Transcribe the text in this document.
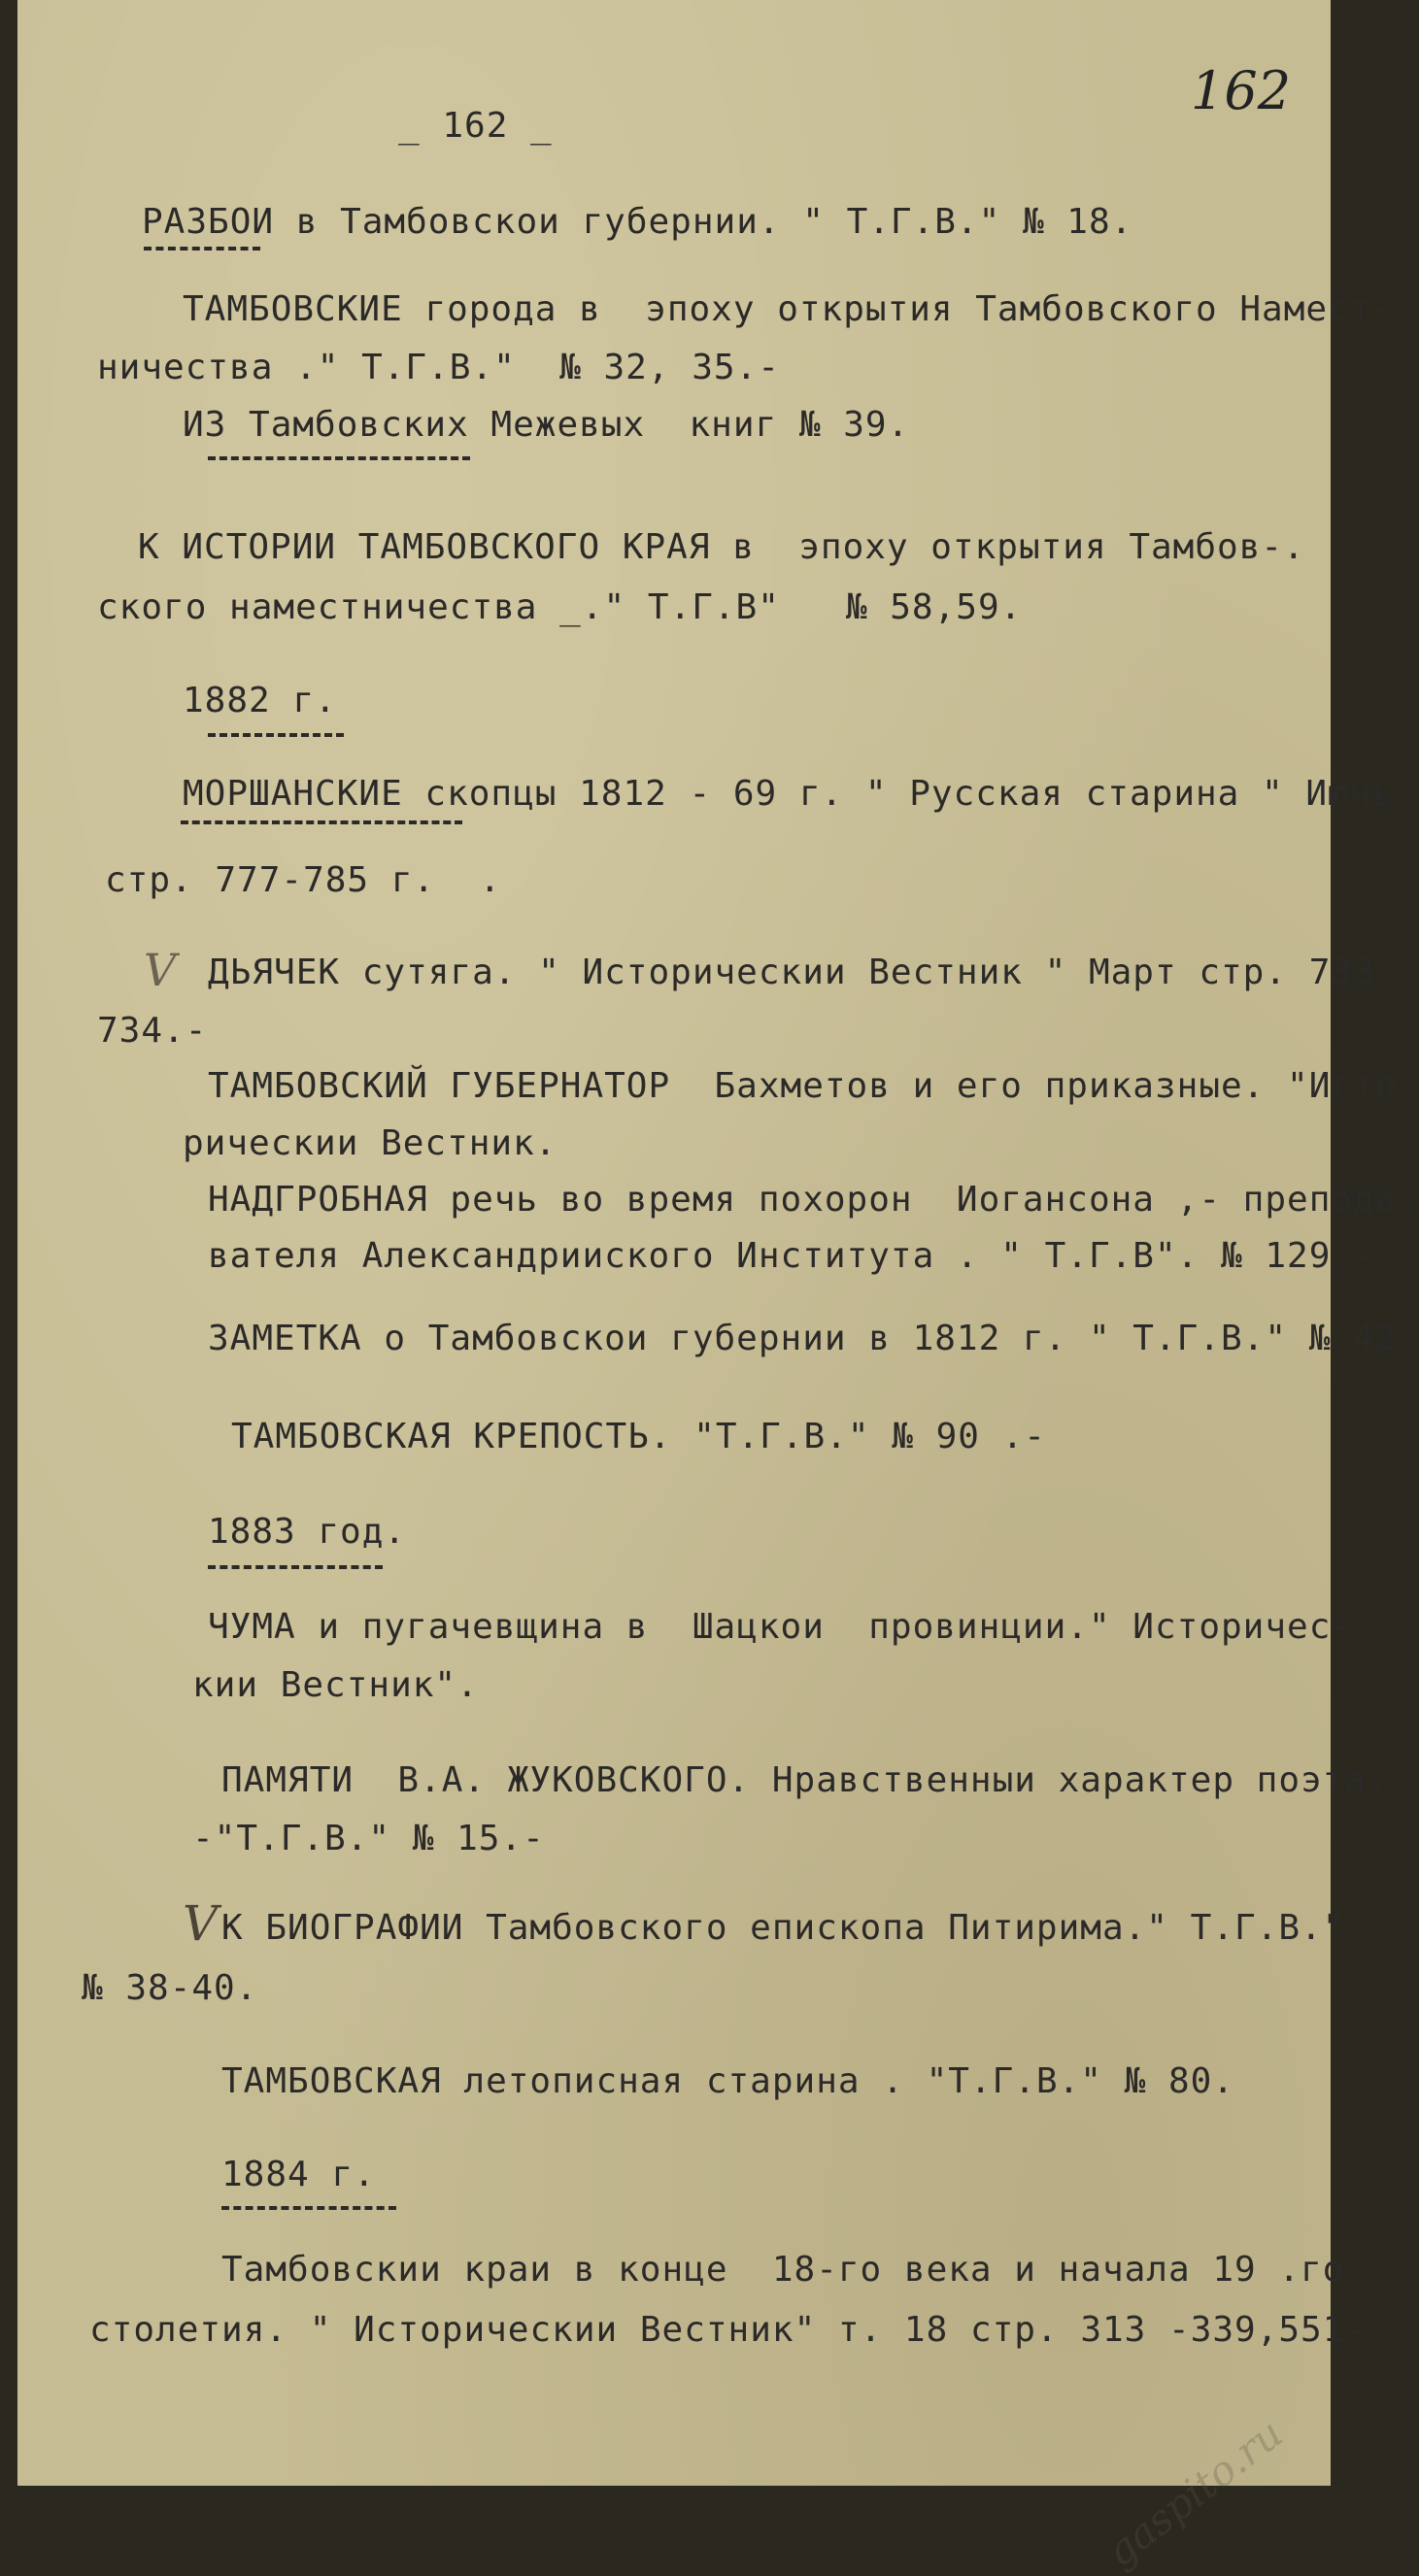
_ 162 _
162
РАЗБОИ в Тамбовскои губернии. " Т.Г.В." № 18.
ТАМБОВСКИЕ города в  эпоху открытия Тамбовского Намест-
ничества ." Т.Г.В."  № 32, 35.-
ИЗ Тамбовских Межевых  книг № 39.
К ИСТОРИИ ТАМБОВСКОГО КРАЯ в  эпоху открытия Тамбов-.
ского наместничества _." Т.Г.В"   № 58,59.
1882 г.
МОРШАНСКИЕ скопцы 1812 - 69 г. " Русская старина " Июнь
стр. 777-785 г.  .
V ДЬЯЧЕК сутяга. " Историческии Вестник " Март стр. 733
734.-
ТАМБОВСКИЙ ГУБЕРНАТОР  Бахметов и его приказные. "Исто
рическии Вестник.
НАДГРОБНАЯ речь во время похорон  Иогансона ,- препода-
вателя Александрииского Института . " Т.Г.В". № 129.-
ЗАМЕТКА о Тамбовскои губернии в 1812 г. " Т.Г.В." № 42
ТАМБОВСКАЯ КРЕПОСТЬ. "Т.Г.В." № 90 .-
1883 год.
ЧУМА и пугачевщина в  Шацкои  провинции." Историчес-
кии Вестник".
ПАМЯТИ  В.А. ЖУКОВСКОГО. Нравственныи характер поэта.
-"Т.Г.В." № 15.-
V К БИОГРАФИИ Тамбовского епископа Питирима." Т.Г.В."
№ 38-40.
ТАМБОВСКАЯ летописная старина . "Т.Г.В." № 80.
1884 г.
Тамбовскии краи в конце  18-го века и начала 19 .го
столетия. " Историческии Вестник" т. 18 стр. 313 -339,551-
gaspito.ru
